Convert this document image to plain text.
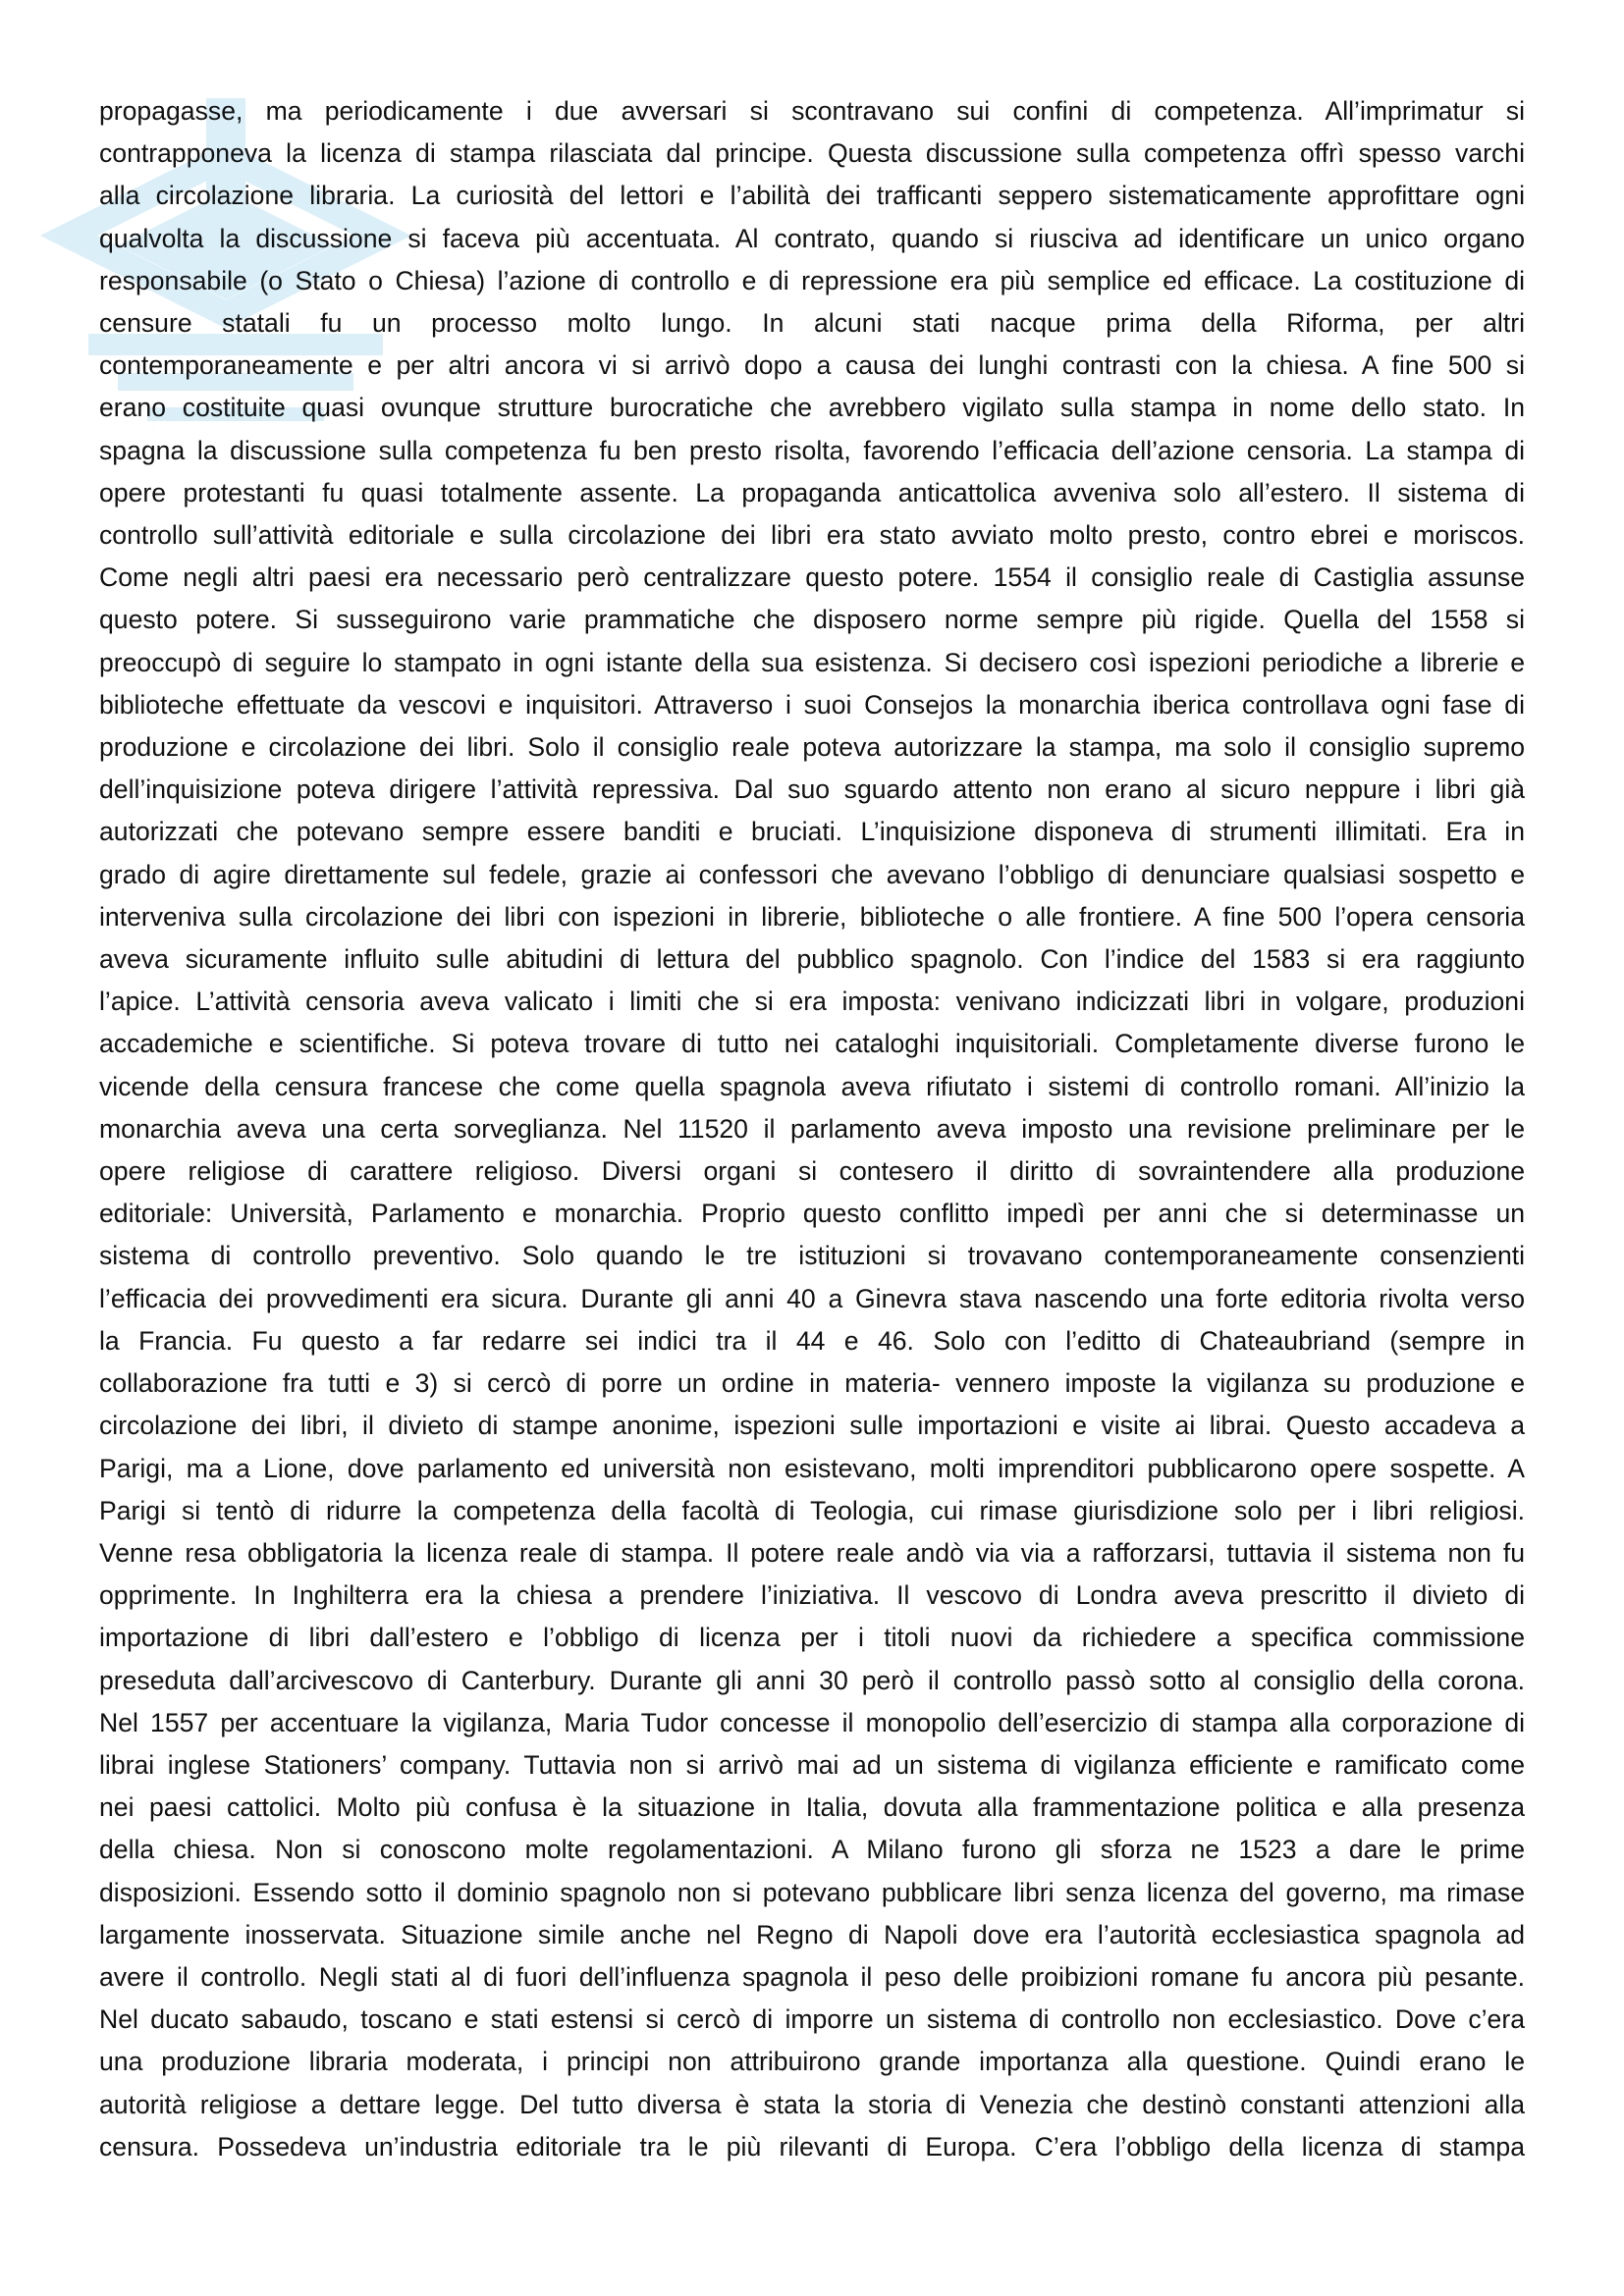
propagasse, ma periodicamente i due avversari si scontravano sui confini di competenza. All’imprimatur si
contrapponeva la licenza di stampa rilasciata dal principe. Questa discussione sulla competenza offrì spesso varchi
alla circolazione libraria. La curiosità del lettori e l’abilità dei trafficanti seppero sistematicamente approfittare ogni
qualvolta la discussione si faceva più accentuata. Al contrato, quando si riusciva ad identificare un unico organo
responsabile (o Stato o Chiesa) l’azione di controllo e di repressione era più semplice ed efficace. La costituzione di
censure statali fu un processo molto lungo. In alcuni stati nacque prima della Riforma, per altri
contemporaneamente e per altri ancora vi si arrivò dopo a causa dei lunghi contrasti con la chiesa. A fine 500 si
erano costituite quasi ovunque strutture burocratiche che avrebbero vigilato sulla stampa in nome dello stato. In
spagna la discussione sulla competenza fu ben presto risolta, favorendo l’efficacia dell’azione censoria. La stampa di
opere protestanti fu quasi totalmente assente. La propaganda anticattolica avveniva solo all’estero. Il sistema di
controllo sull’attività editoriale e sulla circolazione dei libri era stato avviato molto presto, contro ebrei e moriscos.
Come negli altri paesi era necessario però centralizzare questo potere. 1554 il consiglio reale di Castiglia assunse
questo potere. Si susseguirono varie prammatiche che disposero norme sempre più rigide. Quella del 1558 si
preoccupò di seguire lo stampato in ogni istante della sua esistenza. Si decisero così ispezioni periodiche a librerie e
biblioteche effettuate da vescovi e inquisitori. Attraverso i suoi Consejos la monarchia iberica controllava ogni fase di
produzione e circolazione dei libri. Solo il consiglio reale poteva autorizzare la stampa, ma solo il consiglio supremo
dell’inquisizione poteva dirigere l’attività repressiva. Dal suo sguardo attento non erano al sicuro neppure i libri già
autorizzati che potevano sempre essere banditi e bruciati. L’inquisizione disponeva di strumenti illimitati. Era in
grado di agire direttamente sul fedele, grazie ai confessori che avevano l’obbligo di denunciare qualsiasi sospetto e
interveniva sulla circolazione dei libri con ispezioni in librerie, biblioteche o alle frontiere. A fine 500 l’opera censoria
aveva sicuramente influito sulle abitudini di lettura del pubblico spagnolo. Con l’indice del 1583 si era raggiunto
l’apice. L’attività censoria aveva valicato i limiti che si era imposta: venivano indicizzati libri in volgare, produzioni
accademiche e scientifiche. Si poteva trovare di tutto nei cataloghi inquisitoriali. Completamente diverse furono le
vicende della censura francese che come quella spagnola aveva rifiutato i sistemi di controllo romani. All’inizio la
monarchia aveva una certa sorveglianza. Nel 11520 il parlamento aveva imposto una revisione preliminare per le
opere religiose di carattere religioso. Diversi organi si contesero il diritto di sovraintendere alla produzione
editoriale: Università, Parlamento e monarchia. Proprio questo conflitto impedì per anni che si determinasse un
sistema di controllo preventivo. Solo quando le tre istituzioni si trovavano contemporaneamente consenzienti
l’efficacia dei provvedimenti era sicura. Durante gli anni 40 a Ginevra stava nascendo una forte editoria rivolta verso
la Francia. Fu questo a far redarre sei indici tra il 44 e 46. Solo con l’editto di Chateaubriand (sempre in
collaborazione fra tutti e 3) si cercò di porre un ordine in materia- vennero imposte la vigilanza su produzione e
circolazione dei libri, il divieto di stampe anonime, ispezioni sulle importazioni e visite ai librai. Questo accadeva a
Parigi, ma a Lione, dove parlamento ed università non esistevano, molti imprenditori pubblicarono opere sospette. A
Parigi si tentò di ridurre la competenza della facoltà di Teologia, cui rimase giurisdizione solo per i libri religiosi.
Venne resa obbligatoria la licenza reale di stampa. Il potere reale andò via via a rafforzarsi, tuttavia il sistema non fu
opprimente. In Inghilterra era la chiesa a prendere l’iniziativa. Il vescovo di Londra aveva prescritto il divieto di
importazione di libri dall’estero e l’obbligo di licenza per i titoli nuovi da richiedere a specifica commissione
preseduta dall’arcivescovo di Canterbury. Durante gli anni 30 però il controllo passò sotto al consiglio della corona.
Nel 1557 per accentuare la vigilanza, Maria Tudor concesse il monopolio dell’esercizio di stampa alla corporazione di
librai inglese Stationers’ company. Tuttavia non si arrivò mai ad un sistema di vigilanza efficiente e ramificato come
nei paesi cattolici. Molto più confusa è la situazione in Italia, dovuta alla frammentazione politica e alla presenza
della chiesa. Non si conoscono molte regolamentazioni. A Milano furono gli sforza ne 1523 a dare le prime
disposizioni. Essendo sotto il dominio spagnolo non si potevano pubblicare libri senza licenza del governo, ma rimase
largamente inosservata. Situazione simile anche nel Regno di Napoli dove era l’autorità ecclesiastica spagnola ad
avere il controllo. Negli stati al di fuori dell’influenza spagnola il peso delle proibizioni romane fu ancora più pesante.
Nel ducato sabaudo, toscano e stati estensi si cercò di imporre un sistema di controllo non ecclesiastico. Dove c’era
una produzione libraria moderata, i principi non attribuirono grande importanza alla questione. Quindi erano le
autorità religiose a dettare legge. Del tutto diversa è stata la storia di Venezia che destinò constanti attenzioni alla
censura. Possedeva un’industria editoriale tra le più rilevanti di Europa. C’era l’obbligo della licenza di stampa
